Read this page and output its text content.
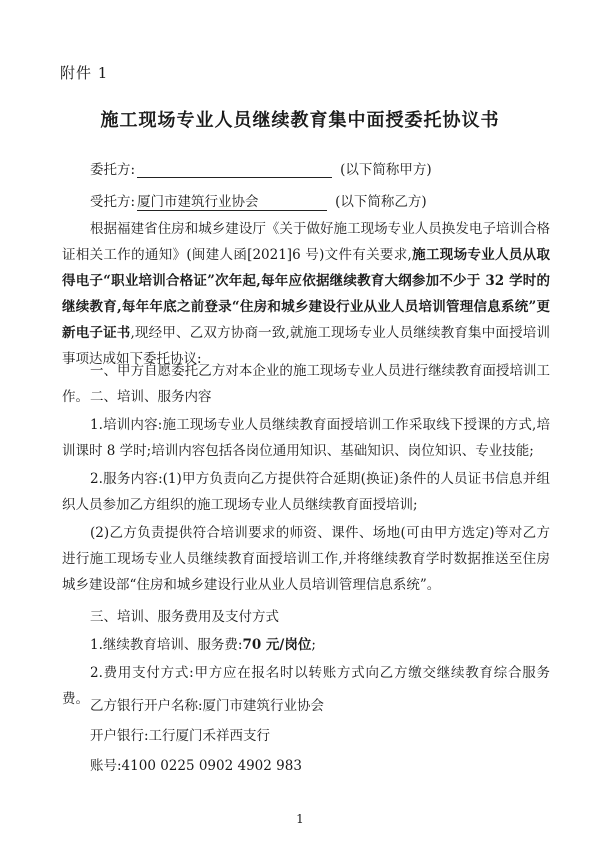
附件 1
施工现场专业人员继续教育集中面授委托协议书
委托方:	(以下简称甲方)
受托方: 厦门市建筑行业协会	(以下简称乙方)
根据福建省住房和城乡建设厅《关于做好施工现场专业人员换发电子培训合格证相关工作的通知》(闽建人函[2021]6 号)文件有关要求,施工现场专业人员从取得电子“职业培训合格证”次年起,每年应依据继续教育大纲参加不少于 32 学时的继续教育,每年年底之前登录“住房和城乡建设行业从业人员培训管理信息系统”更新电子证书,现经甲、乙双方协商一致,就施工现场专业人员继续教育集中面授培训事项达成如下委托协议:
一、甲方自愿委托乙方对本企业的施工现场专业人员进行继续教育面授培训工作。 二、培训、服务内容
1.培训内容:施工现场专业人员继续教育面授培训工作采取线下授课的方式,培训课时 8 学时;培训内容包括各岗位通用知识、基础知识、岗位知识、专业技能;
2.服务内容:(1)甲方负责向乙方提供符合延期(换证)条件的人员证书信息并组织人员参加乙方组织的施工现场专业人员继续教育面授培训;
(2)乙方负责提供符合培训要求的师资、课件、场地(可由甲方选定)等对乙方进行施工现场专业人员继续教育面授培训工作,并将继续教育学时数据推送至住房城乡建设部“住房和城乡建设行业从业人员培训管理信息系统”。
三、培训、服务费用及支付方式
1.继续教育培训、服务费:70 元/岗位;
2.费用支付方式:甲方应在报名时以转账方式向乙方缴交继续教育综合服务费。 乙方银行开户名称:厦门市建筑行业协会
开户银行:工行厦门禾祥西支行
账号:4100 0225 0902 4902 983
1
